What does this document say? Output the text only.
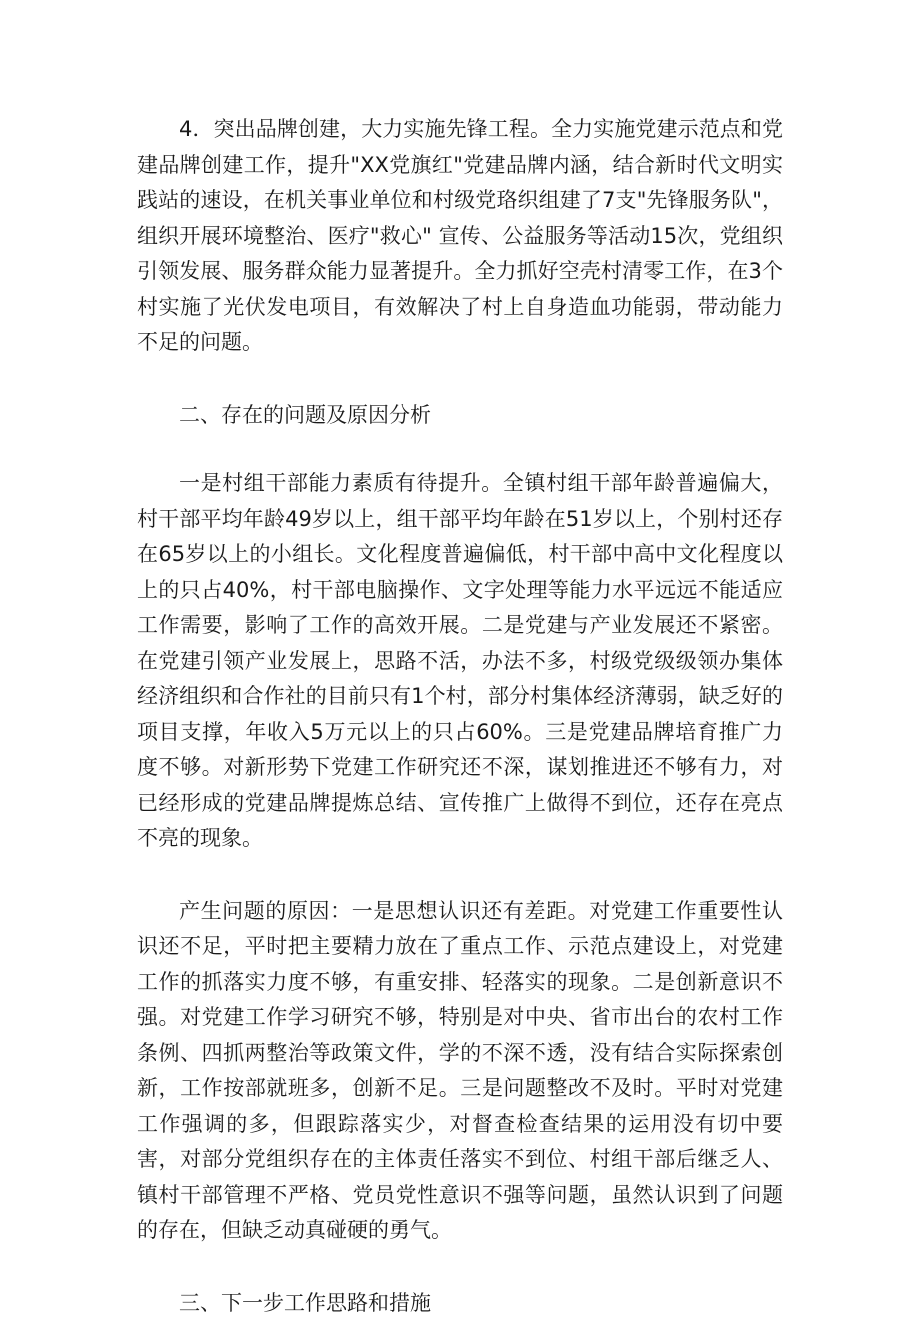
4．突出品牌创建，大力实施先锋工程。全力实施党建示范点和党建品牌创建工作，提升"XX党旗红"党建品牌内涵，结合新时代文明实践站的速设，在机关事业单位和村级党珞织组建了7支"先锋服务队"，组织开展环境整治、医疗"救心" 宣传、公益服务等活动15次，党组织引领发展、服务群众能力显著提升。全力抓好空壳村清零工作，在3个村实施了光伏发电项目，有效解决了村上自身造血功能弱，带动能力不足的问题。

二、存在的问题及原因分析

一是村组干部能力素质有待提升。全镇村组干部年龄普遍偏大，村干部平均年龄49岁以上，组干部平均年龄在51岁以上，个别村还存在65岁以上的小组长。文化程度普遍偏低，村干部中高中文化程度以上的只占40%，村干部电脑操作、文字处理等能力水平远远不能适应工作需要，影响了工作的高效开展。二是党建与产业发展还不紧密。在党建引领产业发展上，思路不活，办法不多，村级党级级领办集体经济组织和合作社的目前只有1个村，部分村集体经济薄弱，缺乏好的项目支撑，年收入5万元以上的只占60%。三是党建品牌培育推广力度不够。对新形势下党建工作研究还不深，谋划推进还不够有力，对已经形成的党建品牌提炼总结、宣传推广上做得不到位，还存在亮点不亮的现象。

产生问题的原因：一是思想认识还有差距。对党建工作重要性认识还不足，平时把主要精力放在了重点工作、示范点建设上，对党建工作的抓落实力度不够，有重安排、轻落实的现象。二是创新意识不强。对党建工作学习研究不够，特别是对中央、省市出台的农村工作条例、四抓两整治等政策文件，学的不深不透，没有结合实际探索创新，工作按部就班多，创新不足。三是问题整改不及时。平时对党建工作强调的多，但跟踪落实少，对督查检查结果的运用没有切中要害，对部分党组织存在的主体责任落实不到位、村组干部后继乏人、镇村干部管理不严格、党员党性意识不强等问题，虽然认识到了问题的存在，但缺乏动真碰硬的勇气。

三、下一步工作思路和措施
